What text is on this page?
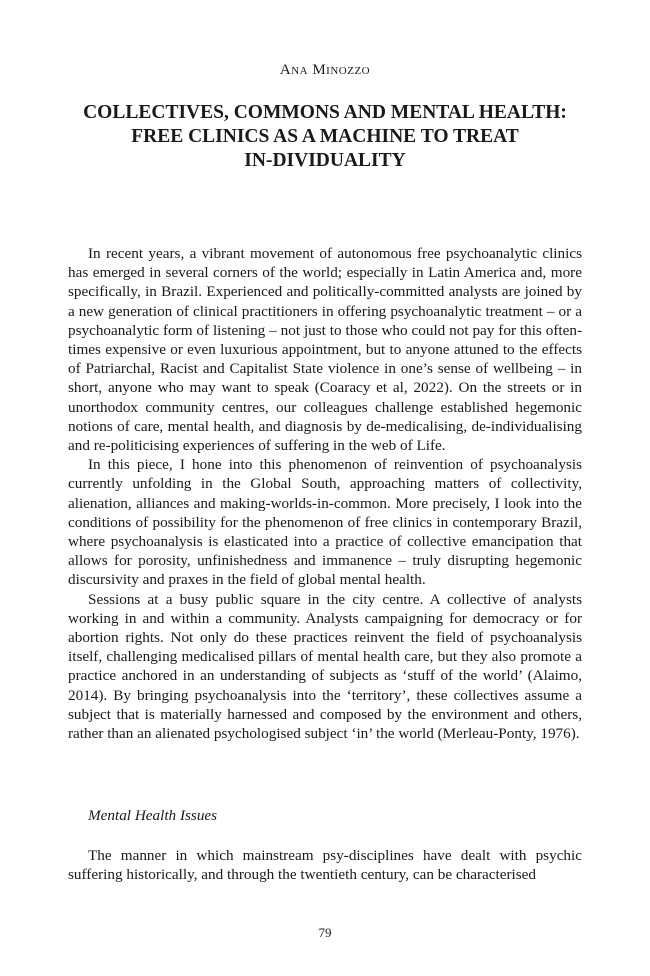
Ana Minozzo
COLLECTIVES, COMMONS AND MENTAL HEALTH:
FREE CLINICS AS A MACHINE TO TREAT
IN-DIVIDUALITY

In recent years, a vibrant movement of autonomous free psychoanalytic clinics has emerged in several corners of the world; especially in Latin America and, more specifically, in Brazil. Experienced and politically-committed analysts are joined by a new generation of clinical practitioners in offering psychoanalytic treatment – or a psychoanalytic form of listening – not just to those who could not pay for this often-times expensive or even luxurious appointment, but to anyone attuned to the effects of Patriarchal, Racist and Capitalist State violence in one’s sense of wellbeing – in short, anyone who may want to speak (Coaracy et al, 2022). On the streets or in unorthodox community centres, our colleagues challenge established hegemonic notions of care, mental health, and diagnosis by de-medicalising, de-individualising and re-politicising experiences of suffering in the web of Life.

In this piece, I hone into this phenomenon of reinvention of psychoanalysis currently unfolding in the Global South, approaching matters of collectivity, alienation, alliances and making-worlds-in-common. More precisely, I look into the conditions of possibility for the phenomenon of free clinics in contemporary Brazil, where psychoanalysis is elasticated into a practice of collective emancipation that allows for porosity, unfinishedness and immanence – truly disrupting hegemonic discursivity and praxes in the field of global mental health.

Sessions at a busy public square in the city centre. A collective of analysts working in and within a community. Analysts campaigning for democracy or for abortion rights. Not only do these practices reinvent the field of psychoanalysis itself, challenging medicalised pillars of mental health care, but they also promote a practice anchored in an understanding of subjects as ‘stuff of the world’ (Alaimo, 2014). By bringing psychoanalysis into the ‘territory’, these collectives assume a subject that is materially harnessed and composed by the environment and others, rather than an alienated psychologised subject ‘in’ the world (Merleau-Ponty, 1976).

Mental Health Issues

The manner in which mainstream psy-disciplines have dealt with psychic suffering historically, and through the twentieth century, can be characterised

79
